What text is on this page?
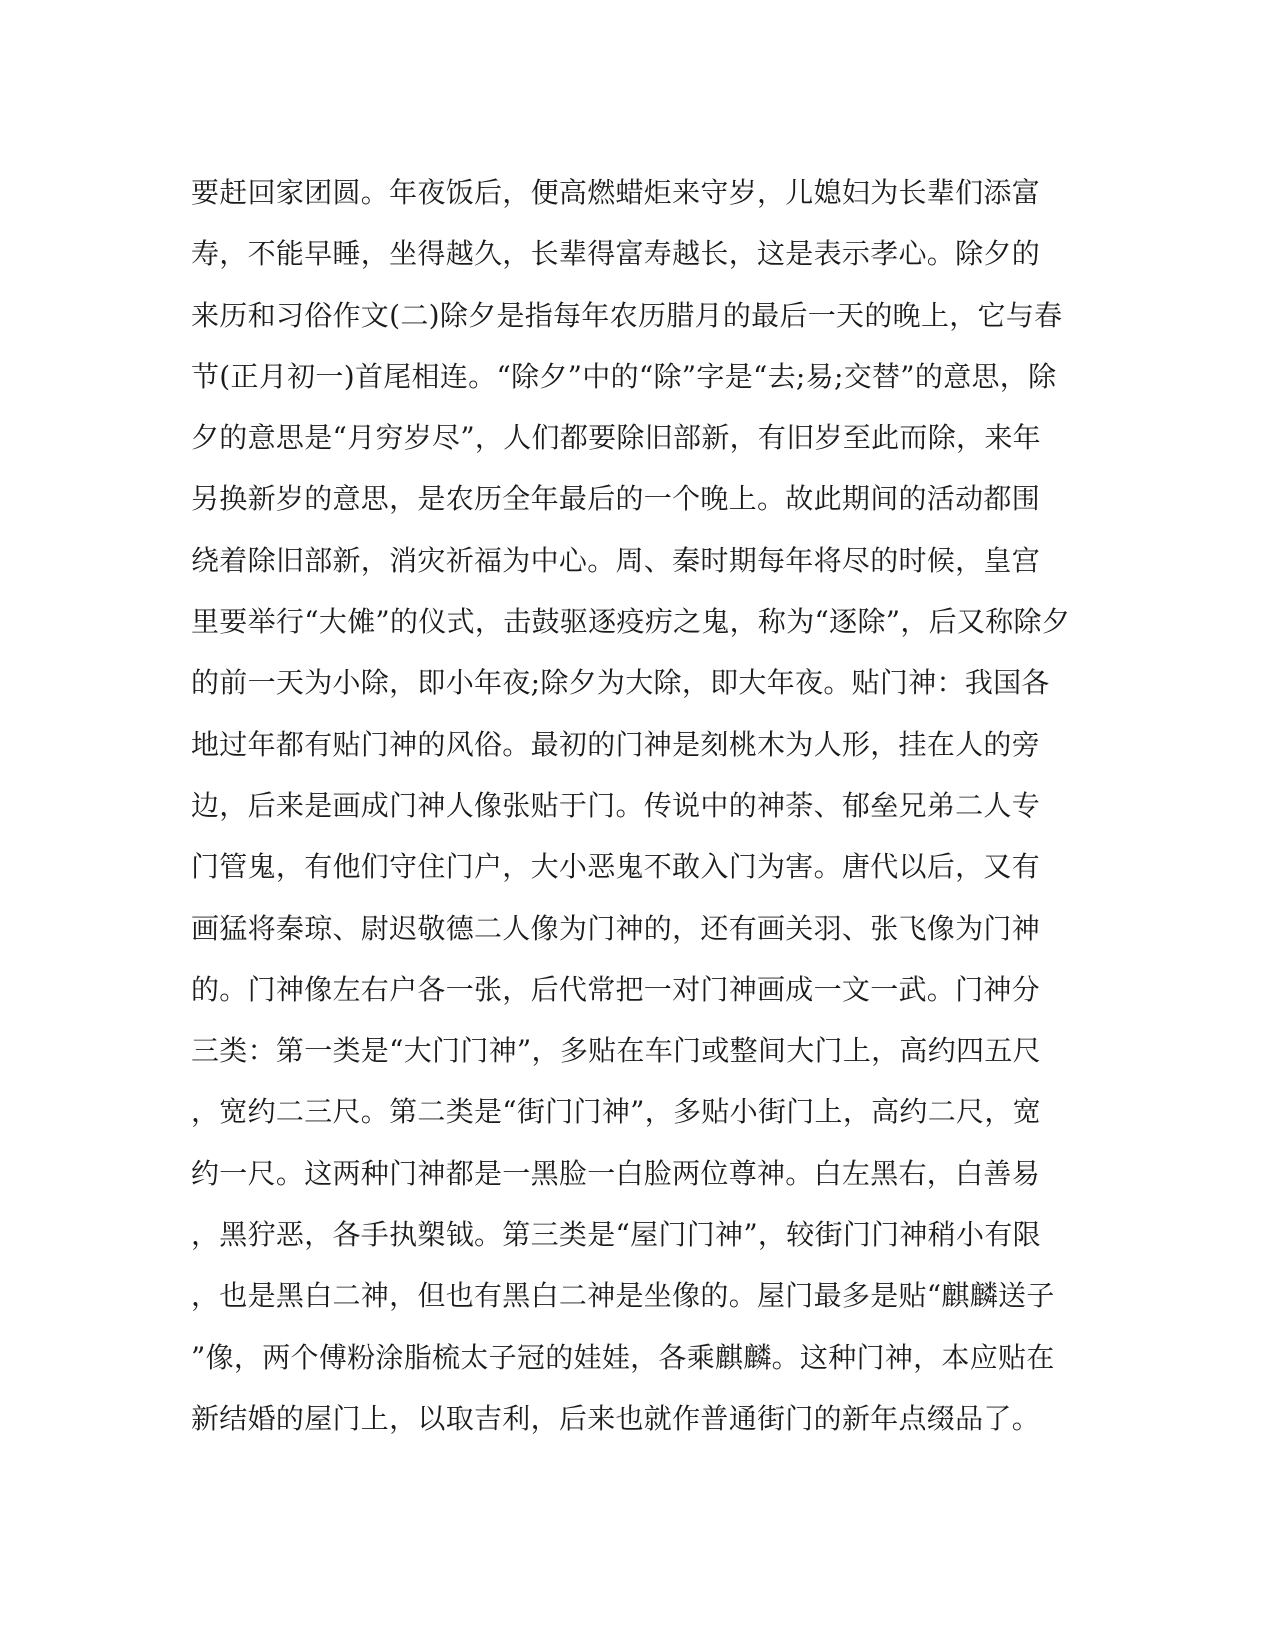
要赶回家团圆。年夜饭后，便高燃蜡炬来守岁，儿媳妇为长辈们添富
寿，不能早睡，坐得越久，长辈得富寿越长，这是表示孝心。除夕的
来历和习俗作文(二)除夕是指每年农历腊月的最后一天的晚上，它与春
节(正月初一)首尾相连。“除夕”中的“除”字是“去;易;交替”的意思，除
夕的意思是“月穷岁尽”，人们都要除旧部新，有旧岁至此而除，来年
另换新岁的意思，是农历全年最后的一个晚上。故此期间的活动都围
绕着除旧部新，消灾祈福为中心。周、秦时期每年将尽的时候，皇宫
里要举行“大傩”的仪式，击鼓驱逐疫疠之鬼，称为“逐除”，后又称除夕
的前一天为小除，即小年夜;除夕为大除，即大年夜。贴门神：我国各
地过年都有贴门神的风俗。最初的门神是刻桃木为人形，挂在人的旁
边，后来是画成门神人像张贴于门。传说中的神荼、郁垒兄弟二人专
门管鬼，有他们守住门户，大小恶鬼不敢入门为害。唐代以后，又有
画猛将秦琼、尉迟敬德二人像为门神的，还有画关羽、张飞像为门神
的。门神像左右户各一张，后代常把一对门神画成一文一武。门神分
三类：第一类是“大门门神”，多贴在车门或整间大门上，高约四五尺
，宽约二三尺。第二类是“街门门神”，多贴小街门上，高约二尺，宽
约一尺。这两种门神都是一黑脸一白脸两位尊神。白左黑右，白善易
，黑狞恶，各手执槊钺。第三类是“屋门门神”，较街门门神稍小有限
，也是黑白二神，但也有黑白二神是坐像的。屋门最多是贴“麒麟送子
”像，两个傅粉涂脂梳太子冠的娃娃，各乘麒麟。这种门神，本应贴在
新结婚的屋门上，以取吉利，后来也就作普通街门的新年点缀品了。
